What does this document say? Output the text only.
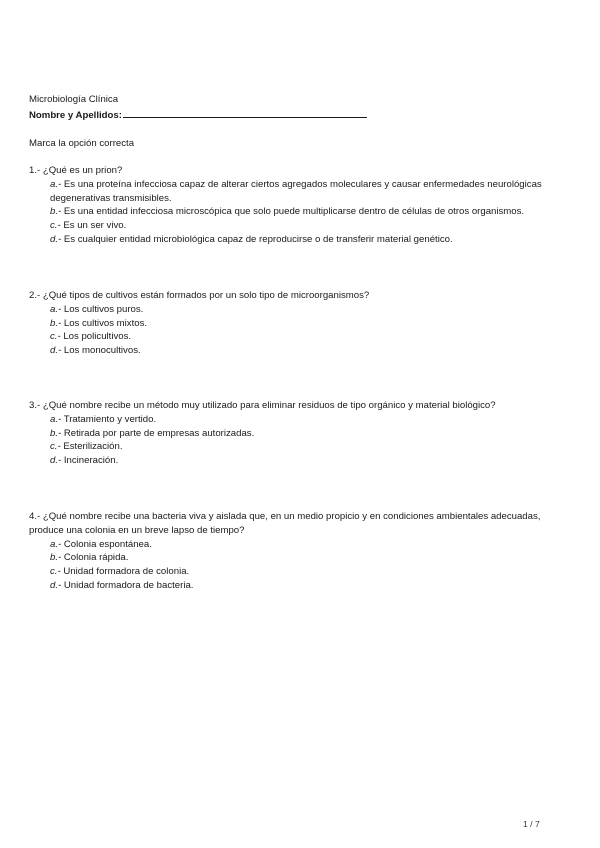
Microbiología Clínica
Nombre y Apellidos:
Marca la opción correcta
1.- ¿Qué es un prion?
a.- Es una proteína infecciosa capaz de alterar ciertos agregados moleculares y causar enfermedades neurológicas degenerativas transmisibles.
b.- Es una entidad infecciosa microscópica que solo puede multiplicarse dentro de células de otros organismos.
c.- Es un ser vivo.
d.- Es cualquier entidad microbiológica capaz de reproducirse o de transferir material genético.
2.- ¿Qué tipos de cultivos están formados por un solo tipo de microorganismos?
a.- Los cultivos puros.
b.- Los cultivos mixtos.
c.- Los policultivos.
d.- Los monocultivos.
3.- ¿Qué nombre recibe un método muy utilizado para eliminar residuos de tipo orgánico y material biológico?
a.- Tratamiento y vertido.
b.- Retirada por parte de empresas autorizadas.
c.- Esterilización.
d.- Incineración.
4.- ¿Qué nombre recibe una bacteria viva y aislada que, en un medio propicio y en condiciones ambientales adecuadas, produce una colonia en un breve lapso de tiempo?
a.- Colonia espontánea.
b.- Colonia rápida.
c.- Unidad formadora de colonia.
d.- Unidad formadora de bacteria.
1 / 7
